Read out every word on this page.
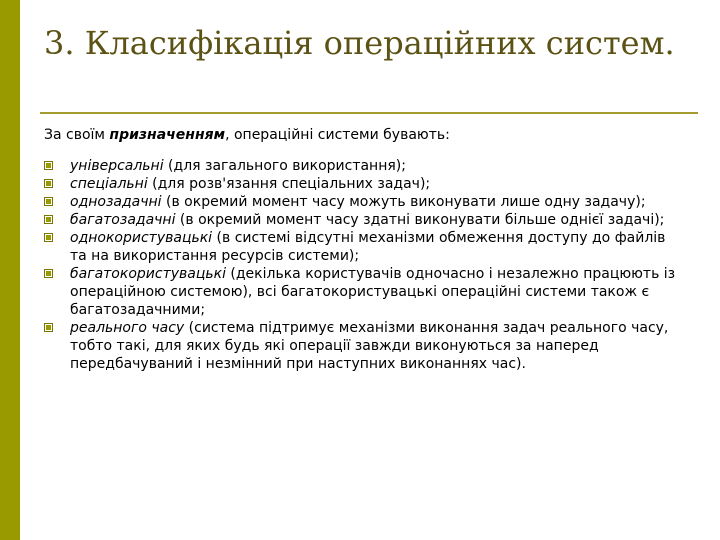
3. Класифікація операційних систем.
За своїм призначенням, операційні системи бувають:
універсальні (для загального використання);
спеціальні (для розв'язання спеціальних задач);
однозадачні (в окремий момент часу можуть виконувати лише одну задачу);
багатозадачні (в окремий момент часу здатні виконувати більше однієї задачі);
однокористувацькі (в системі відсутні механізми обмеження доступу до файлів та на використання ресурсів системи);
багатокористувацькі (декілька користувачів одночасно і незалежно працюють із операційною системою), всі багатокористувацькі операційні системи також є багатозадачними;
реального часу (система підтримує механізми виконання задач реального часу, тобто такі, для яких будь які операції завжди виконуються за наперед передбачуваний і незмінний при наступних виконаннях час).
